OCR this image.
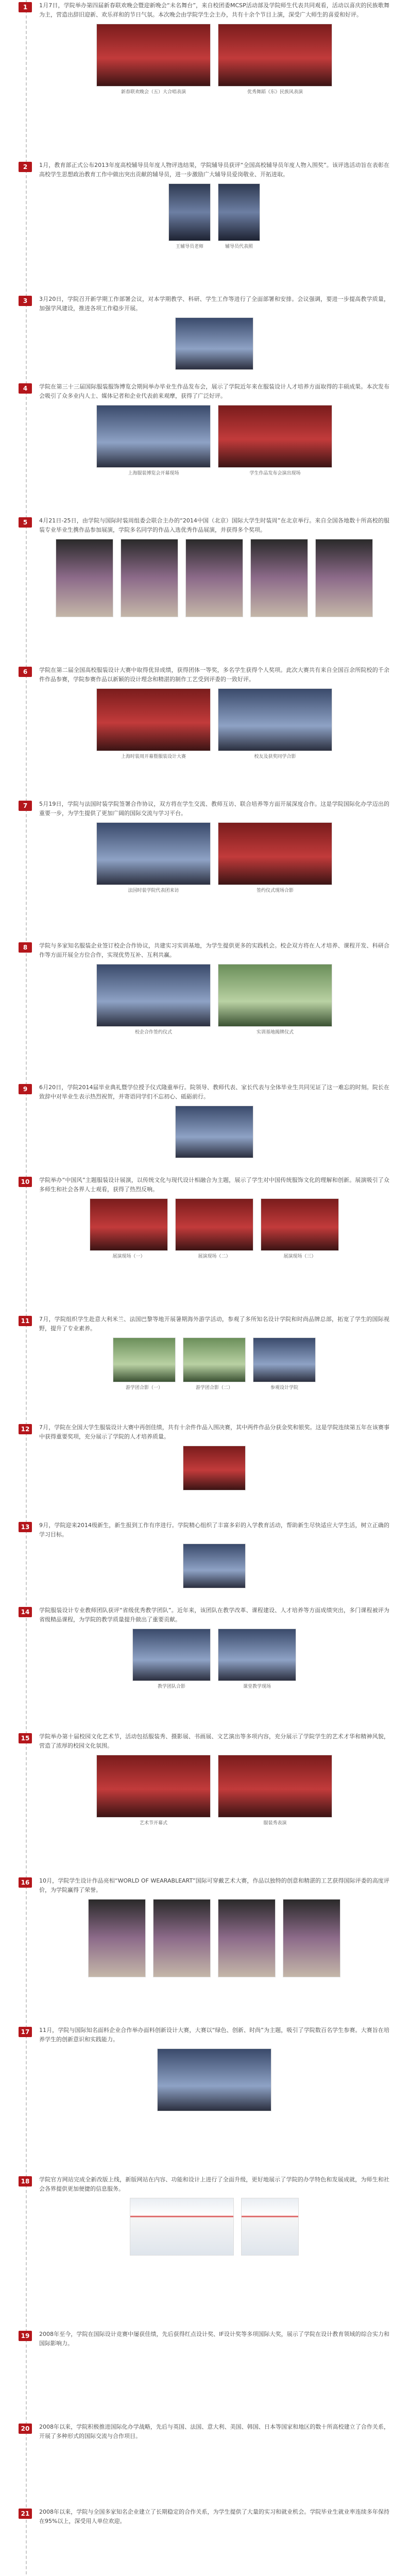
1	1月7日，学院举办第四届新春联欢晚会暨迎新晚会“未名舞台”，来自校团委MCSP活动部及学院师生代表共同观看，活动以喜庆的民族歌舞为主，营造出辞旧迎新、欢乐祥和的节日气氛。本次晚会由学院学生会主办，共有十余个节目上演，深受广大师生的喜爱和好评。

新春联欢晚会（五）大合唱表演	优秀舞蹈《东》民族风表演
2	1月，教育部正式公布2013年度高校辅导员年度人物评选结果，学院辅导员获评“全国高校辅导员年度人物入围奖”。该评选活动旨在表彰在高校学生思想政治教育工作中做出突出贡献的辅导员，进一步激励广大辅导员爱岗敬业、开拓进取。

王辅导员老师	辅导员代表照
3	3月20日，学院召开新学期工作部署会议，对本学期教学、科研、学生工作等进行了全面部署和安排。会议强调，要进一步提高教学质量，加强学风建设，推进各项工作稳步开展。

4	学院在第三十三届国际服装服饰博览会期间举办毕业生作品发布会，展示了学院近年来在服装设计人才培养方面取得的丰硕成果。本次发布会吸引了众多业内人士、媒体记者和企业代表前来观摩，获得了广泛好评。

上海服装博览会开幕现场	学生作品发布会演出现场
5	4月21日-25日，由学院与国际时装周组委会联合主办的“2014中国（北京）国际大学生时装周”在北京举行。来自全国各地数十所高校的服装专业毕业生携作品参加展演，学院多名同学的作品入选优秀作品展演，并获得多个奖项。

6	学院在第二届全国高校服装设计大赛中取得优异成绩，获得团体一等奖，多名学生获得个人奖项。此次大赛共有来自全国百余所院校的千余件作品参赛，学院参赛作品以新颖的设计理念和精湛的制作工艺受到评委的一致好评。

上海时装周开幕暨服装设计大赛	校友及获奖同学合影
7	5月19日，学院与法国时装学院签署合作协议，双方将在学生交流、教师互访、联合培养等方面开展深度合作。这是学院国际化办学迈出的重要一步，为学生提供了更加广阔的国际交流与学习平台。

法国时装学院代表团来访	签约仪式现场合影
8	学院与多家知名服装企业签订校企合作协议，共建实习实训基地，为学生提供更多的实践机会。校企双方将在人才培养、课程开发、科研合作等方面开展全方位合作，实现优势互补、互利共赢。

校企合作签约仪式	实训基地揭牌仪式
9	6月20日，学院2014届毕业典礼暨学位授予仪式隆重举行。院领导、教师代表、家长代表与全体毕业生共同见证了这一难忘的时刻。院长在致辞中对毕业生表示热烈祝贺，并寄语同学们不忘初心、砥砺前行。

10	学院举办“中国风”主题服装设计展演，以传统文化与现代设计相融合为主题，展示了学生对中国传统服饰文化的理解和创新。展演吸引了众多师生和社会各界人士观看，获得了热烈反响。

展演现场（一）	展演现场（二）	展演现场（三）
11	7月，学院组织学生赴意大利米兰、法国巴黎等地开展暑期海外游学活动，参观了多所知名设计学院和时尚品牌总部，拓宽了学生的国际视野，提升了专业素养。

游学团合影（一）	游学团合影（二）	参观设计学院
12	7月，学院在全国大学生服装设计大赛中再创佳绩，共有十余件作品入围决赛，其中两件作品分获金奖和银奖。这是学院连续第五年在该赛事中获得重要奖项，充分展示了学院的人才培养质量。

13	9月，学院迎来2014级新生，新生报到工作有序进行。学院精心组织了丰富多彩的入学教育活动，帮助新生尽快适应大学生活，树立正确的学习目标。

14	学院服装设计专业教师团队获评“省级优秀教学团队”。近年来，该团队在教学改革、课程建设、人才培养等方面成绩突出，多门课程被评为省级精品课程，为学院的教学质量提升做出了重要贡献。

教学团队合影	课堂教学现场
15	学院举办第十届校园文化艺术节，活动包括服装秀、摄影展、书画展、文艺演出等多项内容，充分展示了学院学生的艺术才华和精神风貌，营造了浓厚的校园文化氛围。

艺术节开幕式	服装秀表演
16	10月，学院学生设计作品亮相“WORLD OF WEARABLEART”国际可穿戴艺术大赛，作品以独特的创意和精湛的工艺获得国际评委的高度评价，为学院赢得了荣誉。

17	11月，学院与国际知名面料企业合作举办面料创新设计大赛，大赛以“绿色、创新、时尚”为主题，吸引了学院数百名学生参赛。大赛旨在培养学生的创新意识和实践能力。

18	学院官方网站完成全新改版上线，新版网站在内容、功能和设计上进行了全面升级，更好地展示了学院的办学特色和发展成就，为师生和社会各界提供更加便捷的信息服务。

19	2008年至今，学院在国际设计竞赛中屡获佳绩，先后获得红点设计奖、IF设计奖等多项国际大奖，展示了学院在设计教育领域的综合实力和国际影响力。

20	2008年以来，学院积极推进国际化办学战略，先后与英国、法国、意大利、美国、韩国、日本等国家和地区的数十所高校建立了合作关系，开展了多种形式的国际交流与合作项目。

21	2008年以来，学院与全国多家知名企业建立了长期稳定的合作关系，为学生提供了大量的实习和就业机会。学院毕业生就业率连续多年保持在95%以上，深受用人单位欢迎。
